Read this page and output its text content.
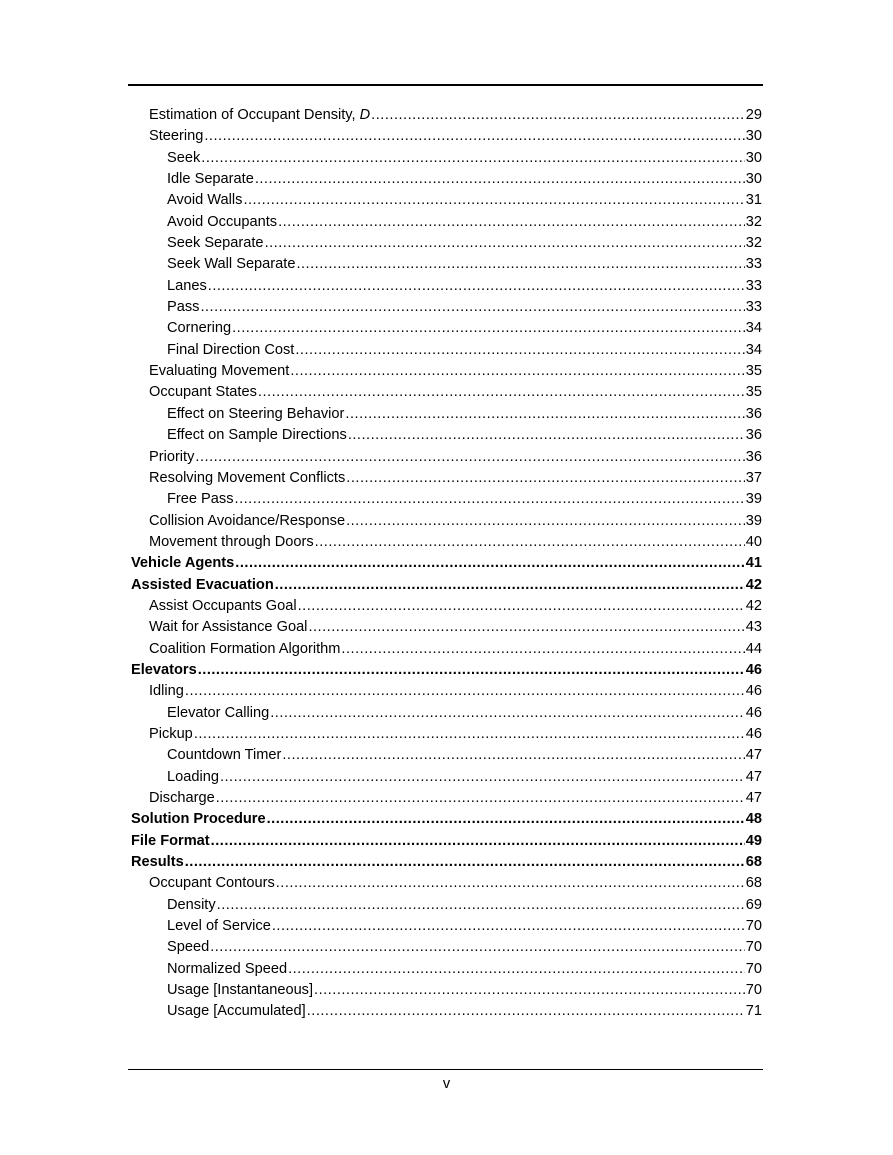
Estimation of Occupant Density, D .....	29
Steering .....	30
Seek .....	30
Idle Separate .....	30
Avoid Walls .....	31
Avoid Occupants .....	32
Seek Separate .....	32
Seek Wall Separate .....	33
Lanes .....	33
Pass .....	33
Cornering .....	34
Final Direction Cost .....	34
Evaluating Movement .....	35
Occupant States .....	35
Effect on Steering Behavior .....	36
Effect on Sample Directions .....	36
Priority .....	36
Resolving Movement Conflicts .....	37
Free Pass .....	39
Collision Avoidance/Response .....	39
Movement through Doors .....	40
Vehicle Agents .....	41
Assisted Evacuation .....	42
Assist Occupants Goal .....	42
Wait for Assistance Goal .....	43
Coalition Formation Algorithm .....	44
Elevators .....	46
Idling .....	46
Elevator Calling .....	46
Pickup .....	46
Countdown Timer .....	47
Loading .....	47
Discharge .....	47
Solution Procedure .....	48
File Format .....	49
Results .....	68
Occupant Contours .....	68
Density .....	69
Level of Service .....	70
Speed .....	70
Normalized Speed .....	70
Usage [Instantaneous] .....	70
Usage [Accumulated] .....	71
v
